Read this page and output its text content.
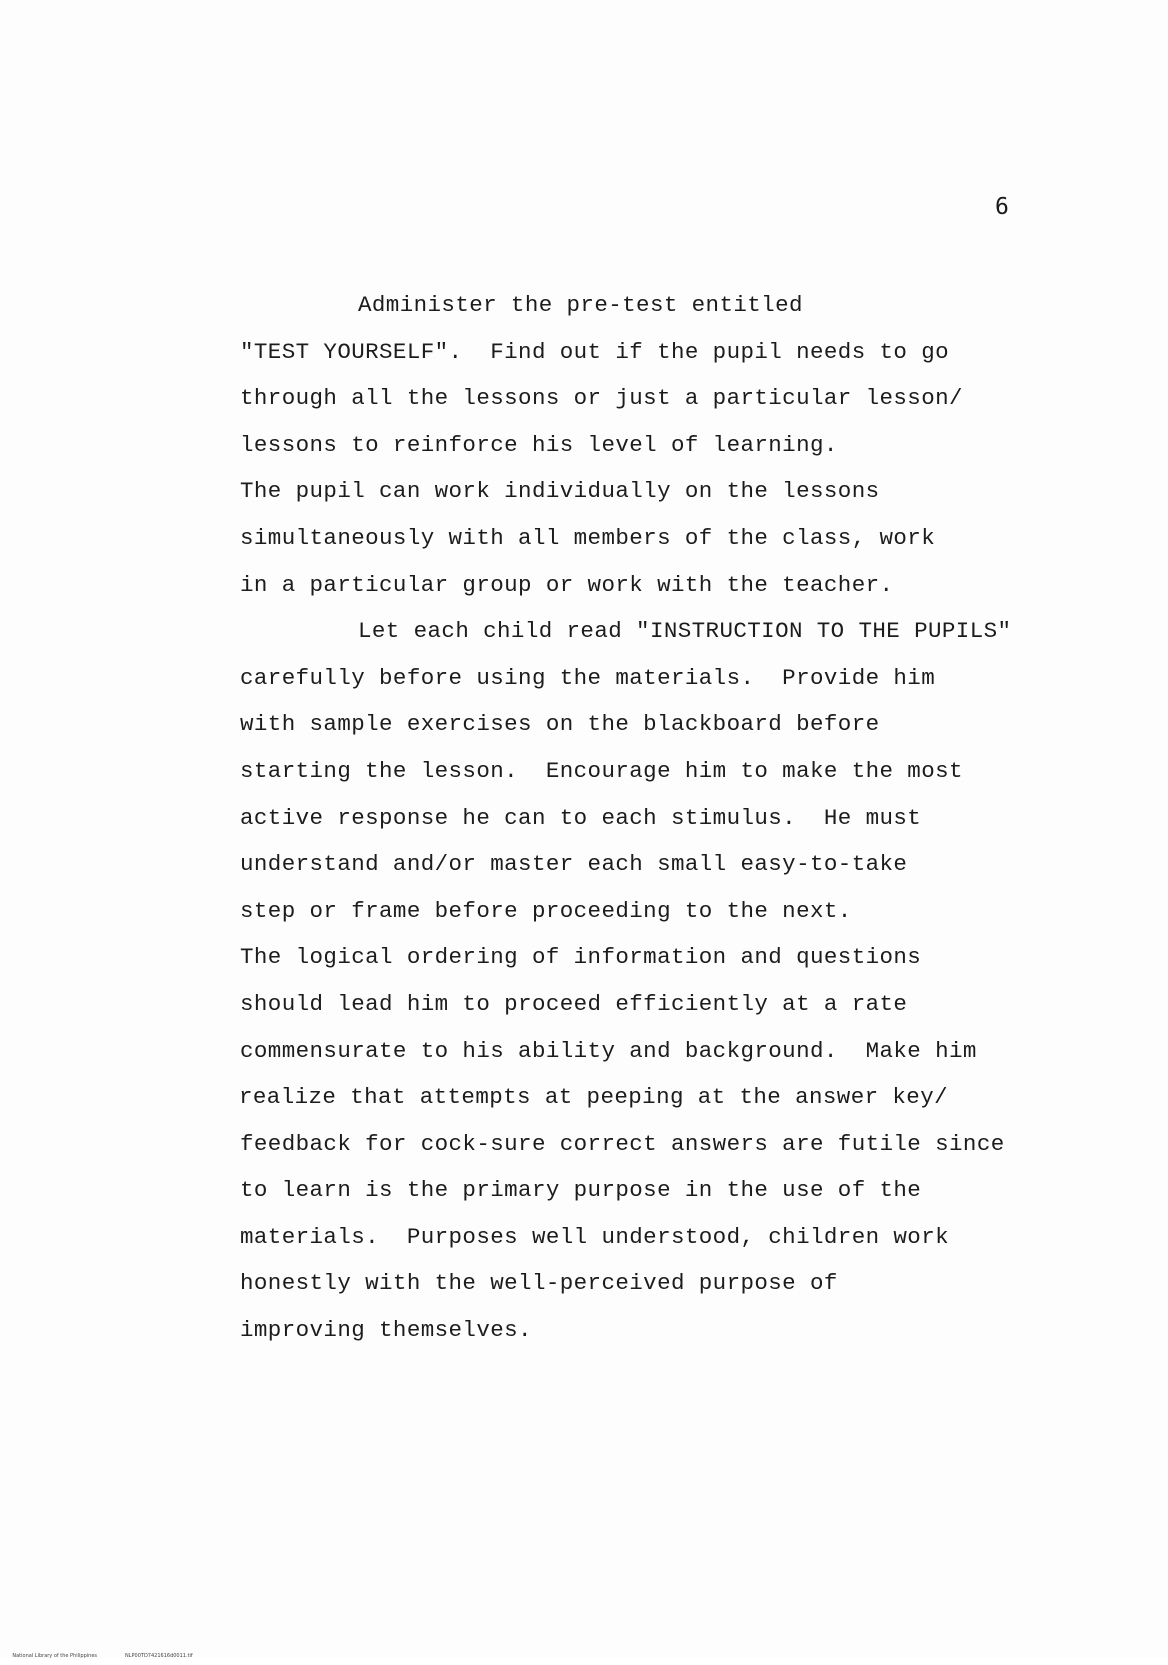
6
Administer the pre-test entitled
"TEST YOURSELF".  Find out if the pupil needs to go
through all the lessons or just a particular lesson/
lessons to reinforce his level of learning.
The pupil can work individually on the lessons
simultaneously with all members of the class, work
in a particular group or work with the teacher.
Let each child read "INSTRUCTION TO THE PUPILS"
carefully before using the materials.  Provide him
with sample exercises on the blackboard before
starting the lesson.  Encourage him to make the most
active response he can to each stimulus.  He must
understand and/or master each small easy-to-take
step or frame before proceeding to the next.
The logical ordering of information and questions
should lead him to proceed efficiently at a rate
commensurate to his ability and background.  Make him
realize that attempts at peeping at the answer key/
feedback for cock-sure correct answers are futile since
to learn is the primary purpose in the use of the
materials.  Purposes well understood, children work
honestly with the well-perceived purpose of
improving themselves.

National Library of the Philippines	NLP00TD7421616d0011.tif
